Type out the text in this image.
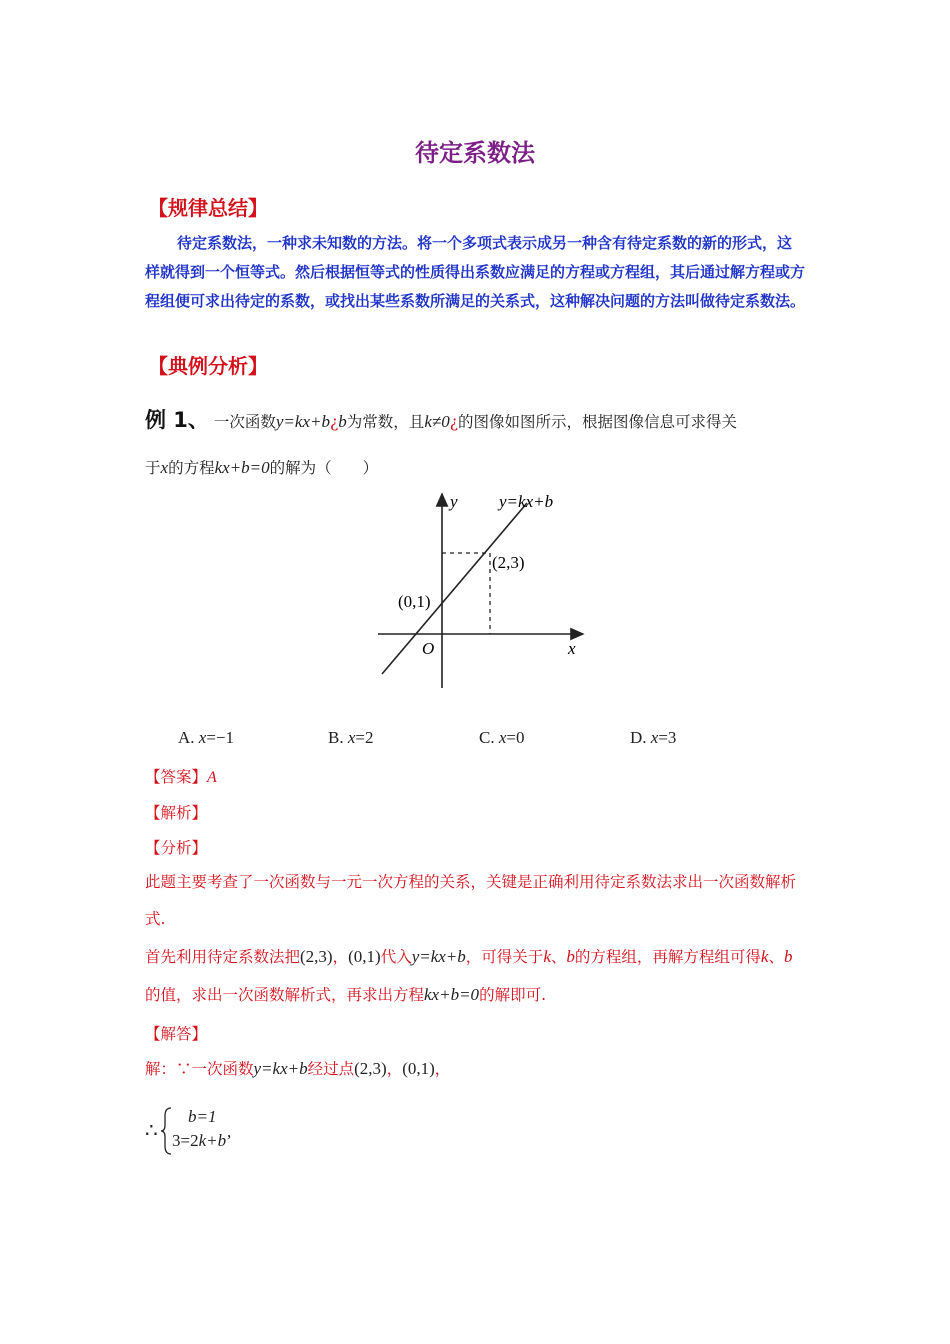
待定系数法
【规律总结】
待定系数法，一种求未知数的方法。将一个多项式表示成另一种含有待定系数的新的形式，这样就得到一个恒等式。然后根据恒等式的性质得出系数应满足的方程或方程组，其后通过解方程或方程组便可求出待定的系数，或找出某些系数所满足的关系式，这种解决问题的方法叫做待定系数法。
【典例分析】
例 1、 一次函数y=kx+b¿b为常数，且k≠0¿的图像如图所示，根据图像信息可求得关
于x的方程kx+b=0的解为（　　）
y
x
O
y=kx+b
(0,1)
(2,3)
A. x=−1	B. x=2	C. x=0	D. x=3
【答案】A
【解析】
【分析】
此题主要考查了一次函数与一元一次方程的关系，关键是正确利用待定系数法求出一次函数解析式.
首先利用待定系数法把(2,3)，(0,1)代入y=kx+b，可得关于k、b的方程组，再解方程组可得k、b的值，求出一次函数解析式，再求出方程kx+b=0的解即可.
【解答】
解：∵一次函数y=kx+b经过点(2,3)，(0,1)，
∴
b=1
3=2k+b’
